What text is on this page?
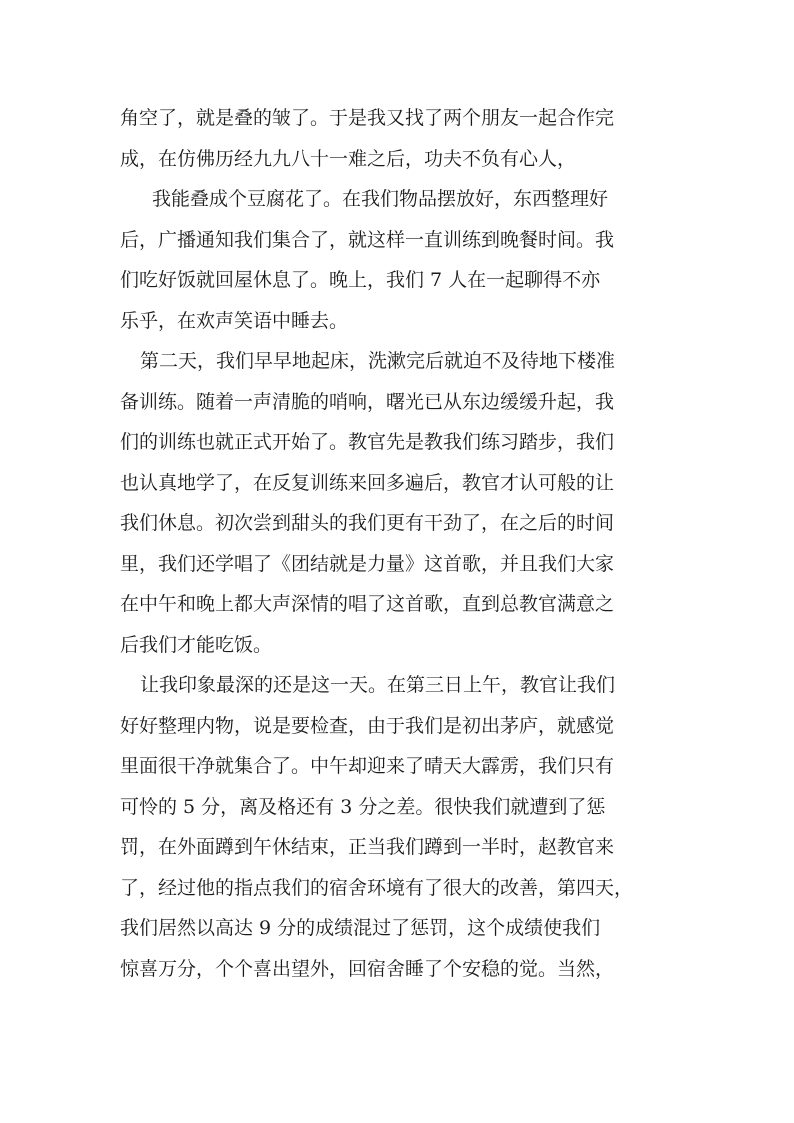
角空了，就是叠的皱了。于是我又找了两个朋友一起合作完
成，在仿佛历经九九八十一难之后，功夫不负有心人，
我能叠成个豆腐花了。在我们物品摆放好，东西整理好
后，广播通知我们集合了，就这样一直训练到晚餐时间。我
们吃好饭就回屋休息了。晚上，我们 7 人在一起聊得不亦
乐乎，在欢声笑语中睡去。
第二天，我们早早地起床，洗漱完后就迫不及待地下楼准
备训练。随着一声清脆的哨响，曙光已从东边缓缓升起，我
们的训练也就正式开始了。教官先是教我们练习踏步，我们
也认真地学了，在反复训练来回多遍后，教官才认可般的让
我们休息。初次尝到甜头的我们更有干劲了，在之后的时间
里，我们还学唱了《团结就是力量》这首歌，并且我们大家
在中午和晚上都大声深情的唱了这首歌，直到总教官满意之
后我们才能吃饭。
让我印象最深的还是这一天。在第三日上午，教官让我们
好好整理内物，说是要检查，由于我们是初出茅庐，就感觉
里面很干净就集合了。中午却迎来了晴天大霹雳，我们只有
可怜的 5 分，离及格还有 3 分之差。很快我们就遭到了惩
罚，在外面蹲到午休结束，正当我们蹲到一半时，赵教官来
了，经过他的指点我们的宿舍环境有了很大的改善，第四天，
我们居然以高达 9 分的成绩混过了惩罚，这个成绩使我们
惊喜万分，个个喜出望外，回宿舍睡了个安稳的觉。当然，
